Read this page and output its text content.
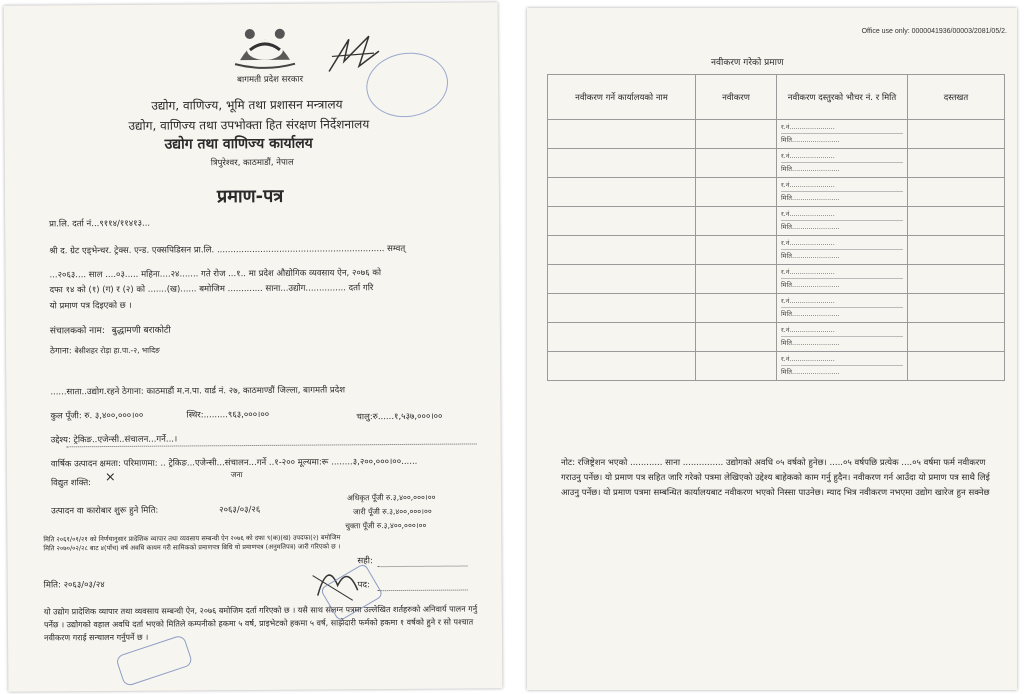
बागमती प्रदेश सरकार
उद्योग, वाणिज्य, भूमि तथा प्रशासन मन्त्रालय
उद्योग, वाणिज्य तथा उपभोक्ता हित संरक्षण निर्देशनालय
उद्योग तथा वाणिज्य कार्यालय
त्रिपुरेश्वर, काठमाडौं, नेपाल
प्रमाण-पत्र
प्रा.लि. दर्ता नं...९११४/११४१३...
श्री द. ग्रेट एड्भेन्चर. ट्रेक्स. एन्ड. एक्सपिडिसन प्रा.लि. .............................................................. सम्वत्
...२०६३.... साल ....०३..... महिना....२४....... गते रोज ...१.. मा प्रदेश औद्योगिक व्यवसाय ऐन, २०७६ को
दफा १४ को (१) (ग) र (२) को .......(ख)...... बमोजिम ............. साना...उद्योग............... दर्ता गरि
यो प्रमाण पत्र दिइएको छ ।
संचालकको नाम: बुद्धामणी बराकोटी
ठेगाना: बेसीशहर रोड़ा हा.पा.-२, भादिङ
......साता..उद्योग.रहने ठेगाना: काठमाडौं म.न.पा. वार्ड नं. २७, काठमाण्डौं जिल्ला, बागमती प्रदेश
कुल पूँजी: रु. ३,४००,०००।००	स्थिर:.........९६३,०००।००	चालु:रु......१,५३७,०००।००
उद्देश्य: ट्रेकिङ..एजेन्सी..संचालन...गर्ने...।
वार्षिक उत्पादन क्षमता: परिमाणमा: .. ट्रेकिङ...एजेन्सी...संचालन...गर्ने ..१-२०० मूल्यमा:रू ........३,२००,०००।००......
जना
विद्युत शक्ति: ×
उत्पादन वा कारोबार शुरू हुने मिति:	२०६३/०३/२६
अधिकृत पूँजी रु.३,४००,०००।००
जारी पूँजी रु.३,४००,०००।००
चुक्ता पूँजी रु.३,४००,०००।००
मिति २०६१/०१/२१ को निर्णयानुसार प्रादेशिक व्यापार तथा व्यवसाय सम्बन्धी ऐन २०७६ को दफा ९(क)(ख) उपदफा(२) बमोजिम मिति २०७०/०२/२८ बाट ४(पाँच) वर्ष अवधि कायम गरी सामिकको प्रमाणपत्र बिधि यो प्रमाणपत्र (अनुमतिपत्र) जारी गरिएको छ ।
सही:
मिति: २०६३/०३/२४	पद:
यो उद्योग प्रादेशिक व्यापार तथा व्यवसाय सम्बन्धी ऐन, २०७६ बमोजिम दर्ता गरिएको छ । यसै साथ संलग्न पत्रमा उल्लेखित शर्तहरुको अनिवार्य पालन गर्नु पर्नेछ । उद्योगको वहाल अवधि दर्ता भएको मितिले कम्पनीको हकमा ५ वर्ष, प्राइभेटको हकमा ५ वर्ष, साझेदारी फर्मको हकमा १ वर्षको हुने र सो पश्चात नवीकरण गराई सन्चालन गर्नुपर्ने छ ।
Office use only: 0000041936/00003/2081/05/2.
नवीकरण गरेको प्रमाण
नवीकरण गर्ने कार्यालयको नाम	नवीकरण	नवीकरण दस्तुरको भौचर नं. र मिति	दस्तखत

		र.नं......................
मिति.......................	

		र.नं......................
मिति.......................	

		र.नं......................
मिति.......................	

		र.नं......................
मिति.......................	

		र.नं......................
मिति.......................	

		र.नं......................
मिति.......................	

		र.नं......................
मिति.......................	

		र.नं......................
मिति.......................	

		र.नं......................
मिति.......................	

नोट: रजिष्ट्रेशन भएको ............ साना ............... उद्योगको अवधि ०५ वर्षको हुनेछ। .....०५ वर्षपछि प्रत्येक ....०५ वर्षमा फर्म नवीकरण गराउनु पर्नेछ। यो प्रमाण पत्र सहित जारि गरेको पत्रमा लेखिएको उद्देश्य बाहेकको काम गर्नु हुदैन। नवीकरण गर्न आउँदा यो प्रमाण पत्र साथै लिई आउनु पर्नेछ। यो प्रमाण पत्रमा सम्बन्धित कार्यालयबाट नवीकरण भएको निस्सा पाउनेछ। म्याद भित्र नवीकरण नभएमा उद्योग खारेज हुन सक्नेछ
